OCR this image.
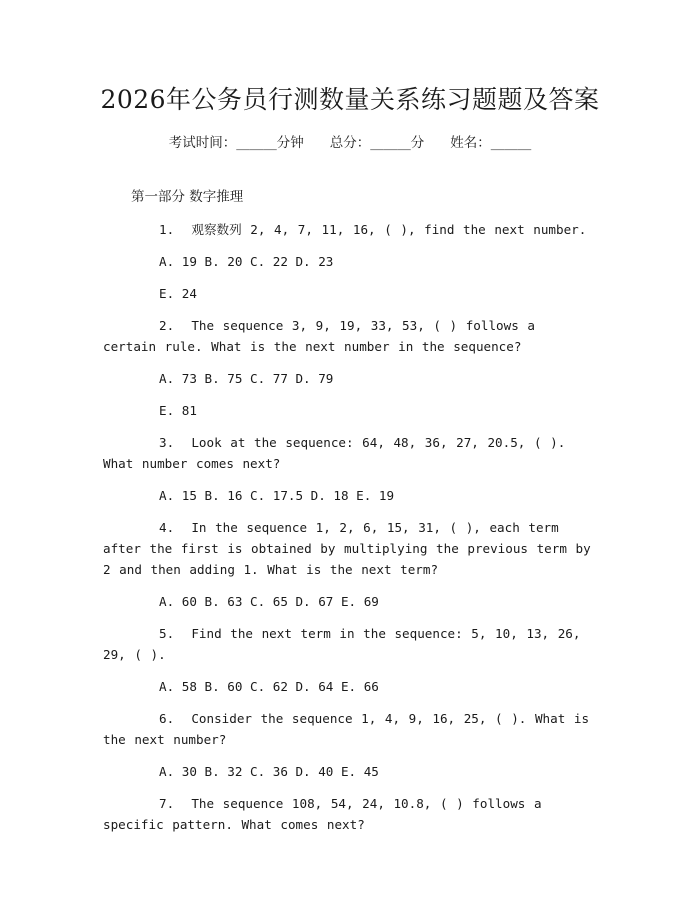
2026年公务员行测数量关系练习题题及答案
考试时间：______分钟 总分：______分 姓名：______
第一部分 数字推理
1. 观察数列 2, 4, 7, 11, 16, ( ), find the next number.
A. 19 B. 20 C. 22 D. 23
E. 24
2. The sequence 3, 9, 19, 33, 53, ( ) follows a certain rule. What is the next number in the sequence?
A. 73 B. 75 C. 77 D. 79
E. 81
3. Look at the sequence: 64, 48, 36, 27, 20.5, ( ). What number comes next?
A. 15 B. 16 C. 17.5 D. 18 E. 19
4. In the sequence 1, 2, 6, 15, 31, ( ), each term after the first is obtained by multiplying the previous term by 2 and then adding 1. What is the next term?
A. 60 B. 63 C. 65 D. 67 E. 69
5. Find the next term in the sequence: 5, 10, 13, 26, 29, ( ).
A. 58 B. 60 C. 62 D. 64 E. 66
6. Consider the sequence 1, 4, 9, 16, 25, ( ). What is the next number?
A. 30 B. 32 C. 36 D. 40 E. 45
7. The sequence 108, 54, 24, 10.8, ( ) follows a specific pattern. What comes next?
